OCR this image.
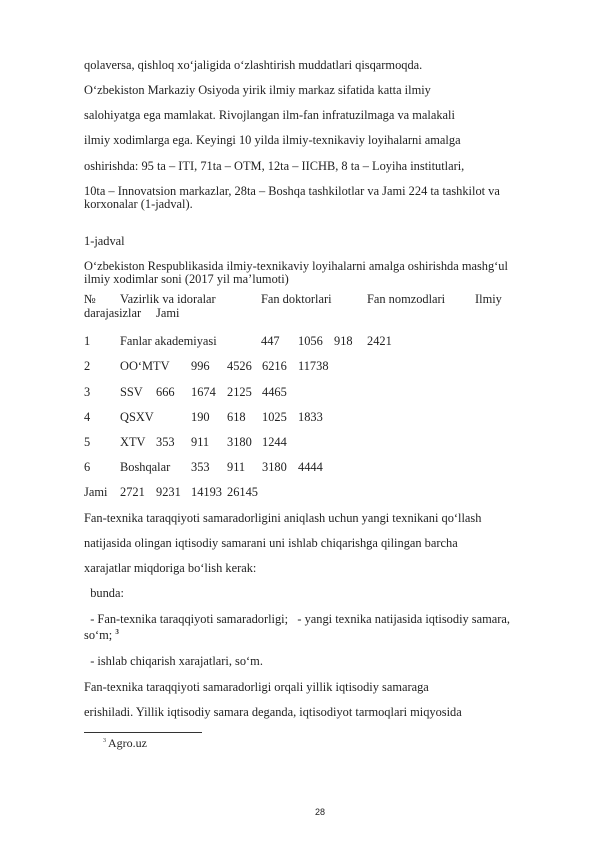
qolaversa, qishloq xo‘jaligida o‘zlashtirish muddatlari qisqarmoqda.
O‘zbekiston Markaziy Osiyoda yirik ilmiy markaz sifatida katta ilmiy
salohiyatga ega mamlakat. Rivojlangan ilm-fan infratuzilmaga va malakali
ilmiy xodimlarga ega. Keyingi 10 yilda ilmiy-texnikaviy loyihalarni amalga
oshirishda: 95 ta – ITI, 71ta – OTM, 12ta – IICHB, 8 ta – Loyiha institutlari,
10ta – Innovatsion markazlar, 28ta – Boshqa tashkilotlar va Jami 224 ta tashkilot va korxonalar (1-jadval).
1-jadval
O‘zbekiston Respublikasida ilmiy-texnikaviy loyihalarni amalga oshirishda mashg‘ul ilmiy xodimlar soni (2017 yil ma’lumoti)
№ Vazirlik va idoralar	Fan doktorlari	Fan nomzodlari Ilmiy
darajasizlar Jami
1 Fanlar akademiyasi	447 1056 918 2421
2 OO‘MTV 996 4526 6216 11738
3 SSV 666 1674 2125 4465
4 QSXV	190 618 1025 1833
5 XTV 353 911 3180 1244
6 Boshqalar 353 911 3180 4444
Jami 2721 9231 14193 26145
Fan-texnika taraqqiyoti samaradorligini aniqlash uchun yangi texnikani qo‘llash
natijasida olingan iqtisodiy samarani uni ishlab chiqarishga qilingan barcha
xarajatlar miqdoriga bo‘lish kerak:
bunda:
- Fan-texnika taraqqiyoti samaradorligi;   - yangi texnika natijasida iqtisodiy samara, so‘m; $^3$
- ishlab chiqarish xarajatlari, so‘m.
Fan-texnika taraqqiyoti samaradorligi orqali yillik iqtisodiy samaraga
erishiladi. Yillik iqtisodiy samara deganda, iqtisodiyot tarmoqlari miqyosida
$^3$ Agro.uz
28
